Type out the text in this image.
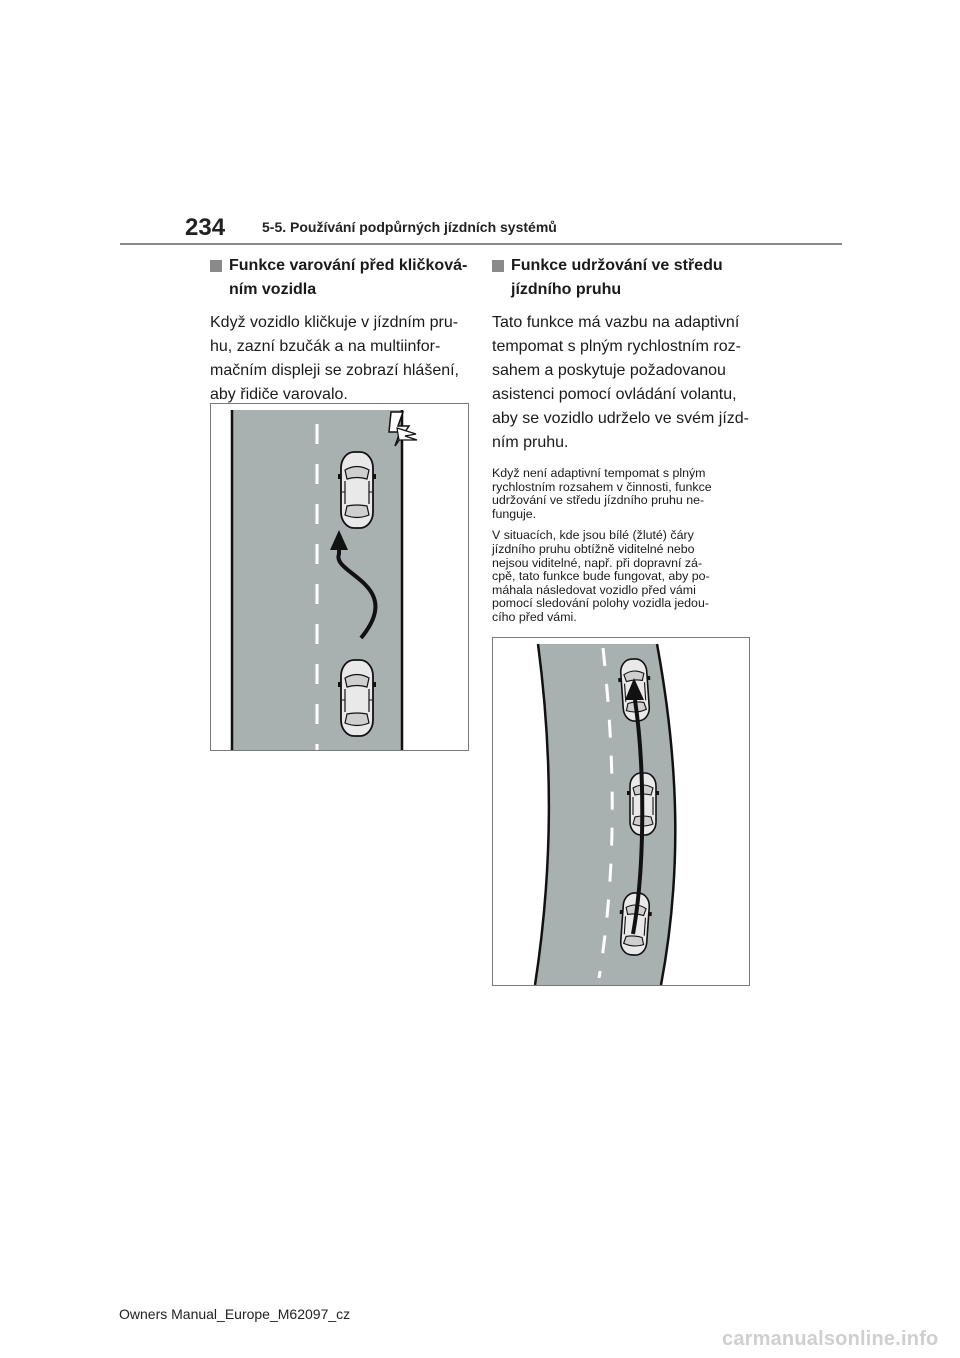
234	5-5. Používání podpůrných jízdních systémů
Funkce varování před kličková-
ním vozidla
Když vozidlo kličkuje v jízdním pru-
hu, zazní bzučák a na multiinfor-
mačním displeji se zobrazí hlášení,
aby řidiče varovalo.
Funkce udržování ve středu
jízdního pruhu
Tato funkce má vazbu na adaptivní
tempomat s plným rychlostním roz-
sahem a poskytuje požadovanou
asistenci pomocí ovládání volantu,
aby se vozidlo udrželo ve svém jízd-
ním pruhu.
Když není adaptivní tempomat s plným
rychlostním rozsahem v činnosti, funkce
udržování ve středu jízdního pruhu ne-
funguje.
V situacích, kde jsou bílé (žluté) čáry
jízdního pruhu obtížně viditelné nebo
nejsou viditelné, např. při dopravní zá-
cpě, tato funkce bude fungovat, aby po-
máhala následovat vozidlo před vámi
pomocí sledování polohy vozidla jedou-
cího před vámi.
Owners Manual_Europe_M62097_cz
carmanualsonline.info
